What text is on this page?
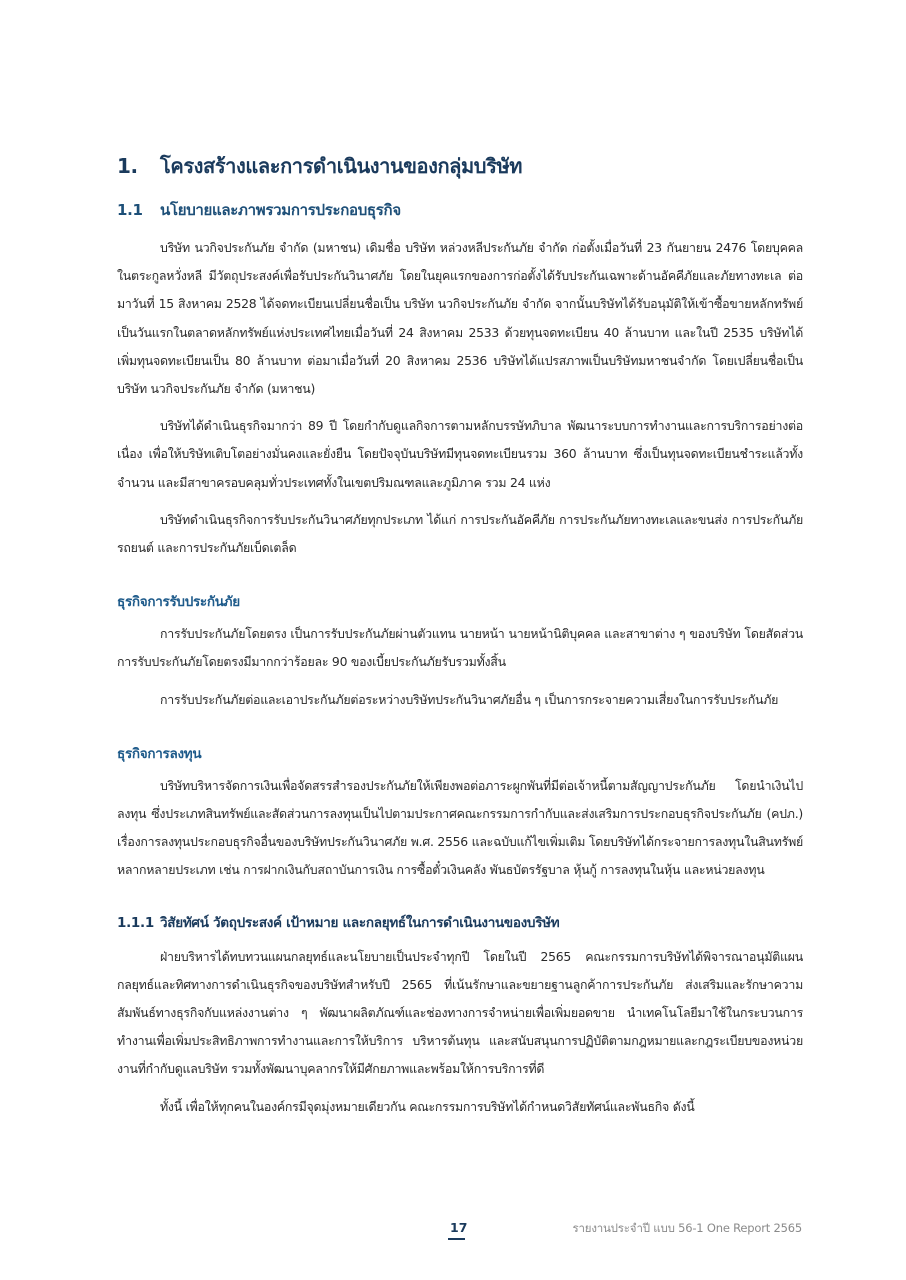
1.	โครงสร้างและการดำเนินงานของกลุ่มบริษัท
1.1	นโยบายและภาพรวมการประกอบธุรกิจ

บริษัท นวกิจประกันภัย จำกัด (มหาชน) เดิมชื่อ บริษัท หล่วงหลีประกันภัย จำกัด ก่อตั้งเมื่อวันที่ 23 กันยายน 2476 โดยบุคคลในตระกูลหวั่งหลี มีวัตถุประสงค์เพื่อรับประกันวินาศภัย โดยในยุคแรกของการก่อตั้งได้รับประกันเฉพาะด้านอัคคีภัยและภัยทางทะเล ต่อมาวันที่ 15 สิงหาคม 2528 ได้จดทะเบียนเปลี่ยนชื่อเป็น บริษัท นวกิจประกันภัย จำกัด จากนั้นบริษัทได้รับอนุมัติให้เข้าซื้อขายหลักทรัพย์เป็นวันแรกในตลาดหลักทรัพย์แห่งประเทศไทยเมื่อวันที่ 24 สิงหาคม 2533 ด้วยทุนจดทะเบียน 40 ล้านบาท และในปี 2535 บริษัทได้เพิ่มทุนจดทะเบียนเป็น 80 ล้านบาท ต่อมาเมื่อวันที่ 20 สิงหาคม 2536 บริษัทได้แปรสภาพเป็นบริษัทมหาชนจำกัด โดยเปลี่ยนชื่อเป็น บริษัท นวกิจประกันภัย จำกัด (มหาชน)

บริษัทได้ดำเนินธุรกิจมากว่า 89 ปี โดยกำกับดูแลกิจการตามหลักบรรษัทภิบาล พัฒนาระบบการทำงานและการบริการอย่างต่อเนื่อง เพื่อให้บริษัทเติบโตอย่างมั่นคงและยั่งยืน โดยปัจจุบันบริษัทมีทุนจดทะเบียนรวม 360 ล้านบาท ซึ่งเป็นทุนจดทะเบียนชำระแล้วทั้งจำนวน และมีสาขาครอบคลุมทั่วประเทศทั้งในเขตปริมณฑลและภูมิภาค รวม 24 แห่ง

บริษัทดำเนินธุรกิจการรับประกันวินาศภัยทุกประเภท ได้แก่ การประกันอัคคีภัย การประกันภัยทางทะเลและขนส่ง การประกันภัยรถยนต์ และการประกันภัยเบ็ดเตล็ด

ธุรกิจการรับประกันภัย

การรับประกันภัยโดยตรง เป็นการรับประกันภัยผ่านตัวแทน นายหน้า นายหน้านิติบุคคล และสาขาต่าง ๆ ของบริษัท โดยสัดส่วนการรับประกันภัยโดยตรงมีมากกว่าร้อยละ 90 ของเบี้ยประกันภัยรับรวมทั้งสิ้น

การรับประกันภัยต่อและเอาประกันภัยต่อระหว่างบริษัทประกันวินาศภัยอื่น ๆ เป็นการกระจายความเสี่ยงในการรับประกันภัย

ธุรกิจการลงทุน

บริษัทบริหารจัดการเงินเพื่อจัดสรรสำรองประกันภัยให้เพียงพอต่อภาระผูกพันที่มีต่อเจ้าหนี้ตามสัญญาประกันภัย โดยนำเงินไปลงทุน ซึ่งประเภทสินทรัพย์และสัดส่วนการลงทุนเป็นไปตามประกาศคณะกรรมการกำกับและส่งเสริมการประกอบธุรกิจประกันภัย (คปภ.) เรื่องการลงทุนประกอบธุรกิจอื่นของบริษัทประกันวินาศภัย พ.ศ. 2556 และฉบับแก้ไขเพิ่มเติม โดยบริษัทได้กระจายการลงทุนในสินทรัพย์หลากหลายประเภท เช่น การฝากเงินกับสถาบันการเงิน การซื้อตั๋วเงินคลัง พันธบัตรรัฐบาล หุ้นกู้ การลงทุนในหุ้น และหน่วยลงทุน

1.1.1 วิสัยทัศน์ วัตถุประสงค์ เป้าหมาย และกลยุทธ์ในการดำเนินงานของบริษัท

ฝ่ายบริหารได้ทบทวนแผนกลยุทธ์และนโยบายเป็นประจำทุกปี โดยในปี 2565 คณะกรรมการบริษัทได้พิจารณาอนุมัติแผนกลยุทธ์และทิศทางการดำเนินธุรกิจของบริษัทสำหรับปี 2565 ที่เน้นรักษาและขยายฐานลูกค้าการประกันภัย ส่งเสริมและรักษาความสัมพันธ์ทางธุรกิจกับแหล่งงานต่าง ๆ พัฒนาผลิตภัณฑ์และช่องทางการจำหน่ายเพื่อเพิ่มยอดขาย นำเทคโนโลยีมาใช้ในกระบวนการทำงานเพื่อเพิ่มประสิทธิภาพการทำงานและการให้บริการ บริหารต้นทุน และสนับสนุนการปฏิบัติตามกฎหมายและกฎระเบียบของหน่วยงานที่กำกับดูแลบริษัท รวมทั้งพัฒนาบุคลากรให้มีศักยภาพและพร้อมให้การบริการที่ดี

ทั้งนี้ เพื่อให้ทุกคนในองค์กรมีจุดมุ่งหมายเดียวกัน คณะกรรมการบริษัทได้กำหนดวิสัยทัศน์และพันธกิจ ดังนี้

17	รายงานประจำปี แบบ 56-1 One Report 2565
